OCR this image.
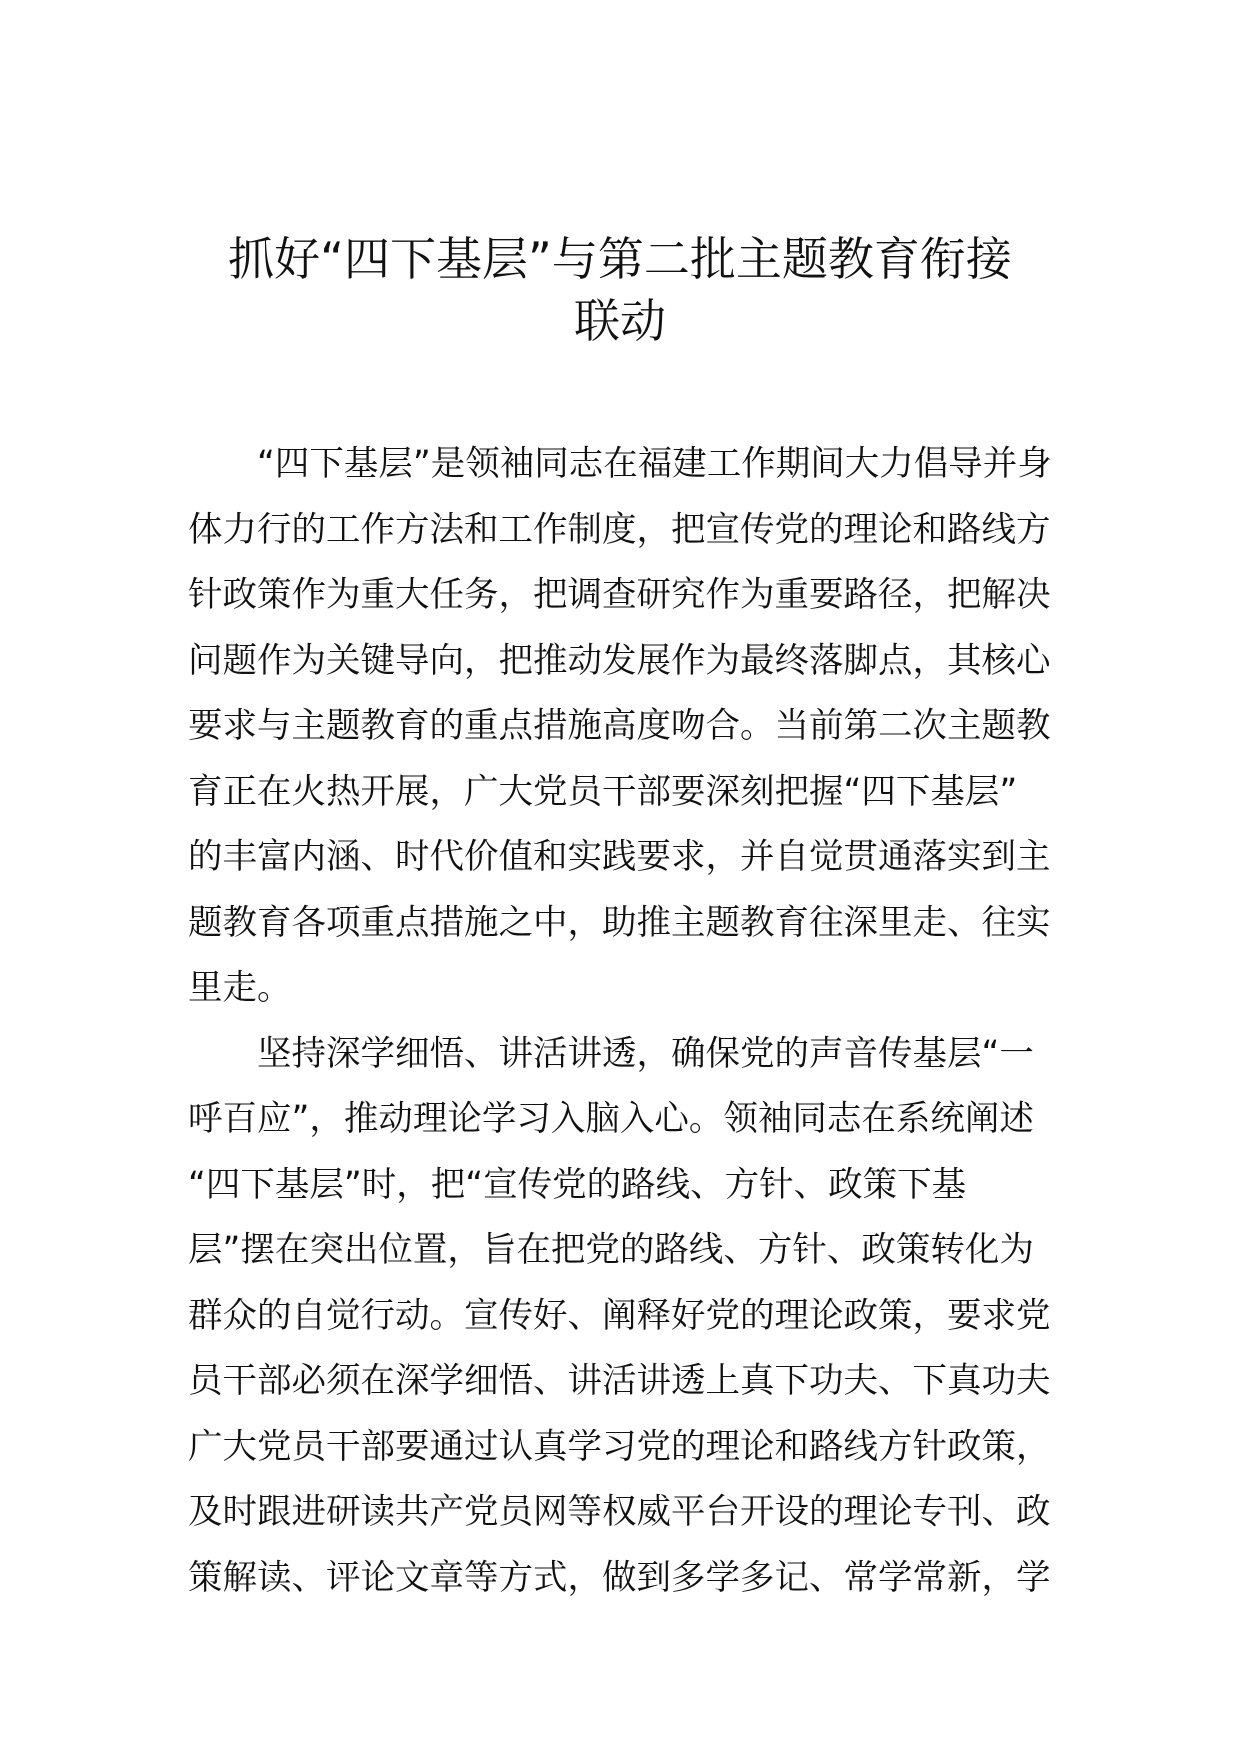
抓好“四下基层”与第二批主题教育衔接
联动
“四下基层”是领袖同志在福建工作期间大力倡导并身
体力行的工作方法和工作制度，把宣传党的理论和路线方
针政策作为重大任务，把调查研究作为重要路径，把解决
问题作为关键导向，把推动发展作为最终落脚点，其核心
要求与主题教育的重点措施高度吻合。当前第二次主题教
育正在火热开展，广大党员干部要深刻把握“四下基层”
的丰富内涵、时代价值和实践要求，并自觉贯通落实到主
题教育各项重点措施之中，助推主题教育往深里走、往实
里走。
坚持深学细悟、讲活讲透，确保党的声音传基层“一
呼百应”，推动理论学习入脑入心。领袖同志在系统阐述
“四下基层”时，把“宣传党的路线、方针、政策下基
层”摆在突出位置，旨在把党的路线、方针、政策转化为
群众的自觉行动。宣传好、阐释好党的理论政策，要求党
员干部必须在深学细悟、讲活讲透上真下功夫、下真功夫
广大党员干部要通过认真学习党的理论和路线方针政策，
及时跟进研读共产党员网等权威平台开设的理论专刊、政
策解读、评论文章等方式，做到多学多记、常学常新，学
